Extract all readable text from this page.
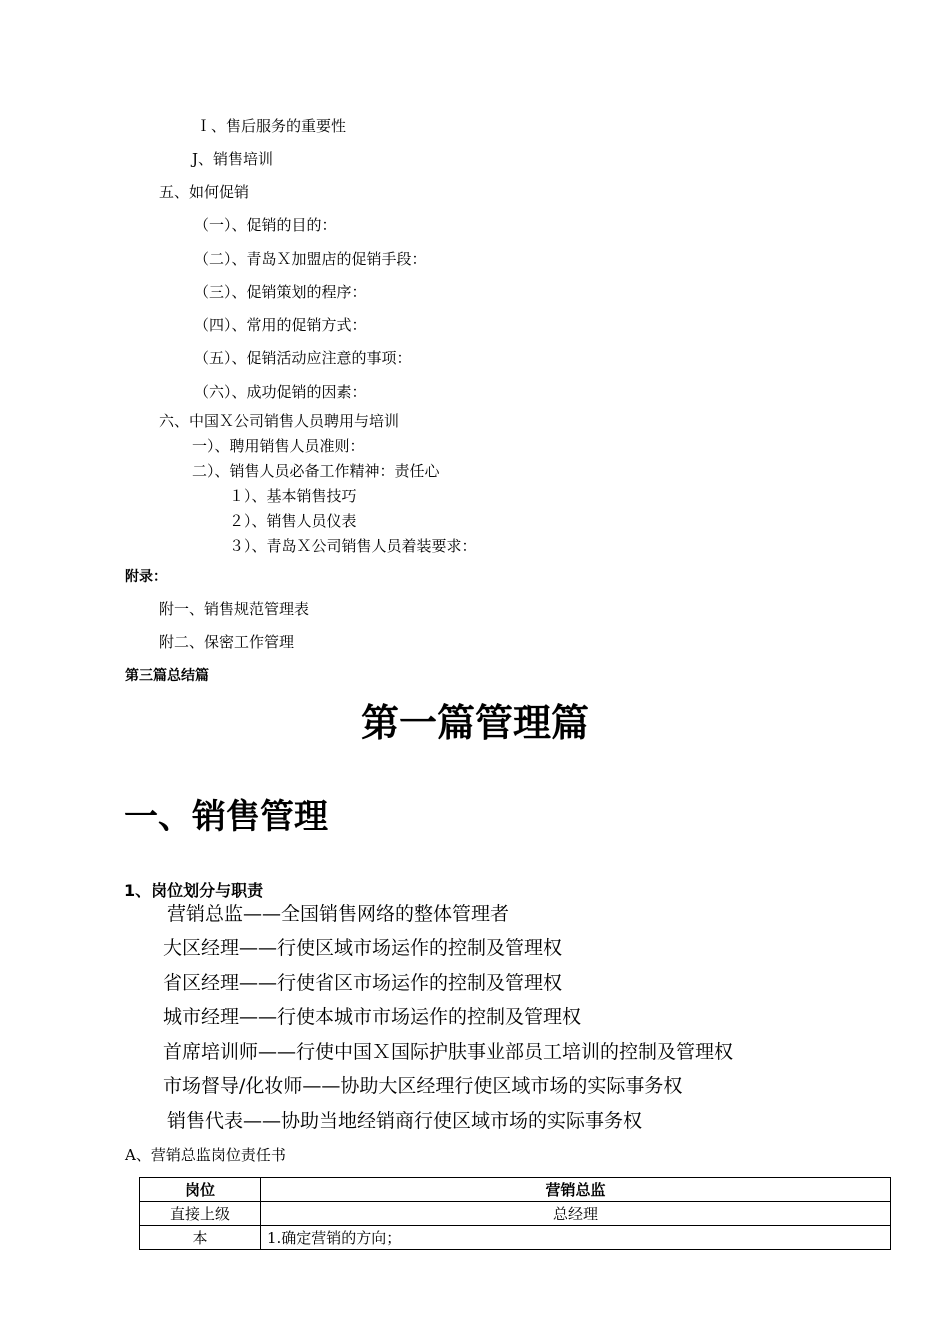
Ｉ、售后服务的重要性
J、销售培训
五、如何促销
（一）、促销的目的：
（二）、青岛Ｘ加盟店的促销手段：
（三）、促销策划的程序：
（四）、常用的促销方式：
（五）、促销活动应注意的事项：
（六）、成功促销的因素：
六、中国Ｘ公司销售人员聘用与培训
一）、聘用销售人员准则：
二）、销售人员必备工作精神：责任心
１）、基本销售技巧
２）、销售人员仪表
３）、青岛Ｘ公司销售人员着装要求：
附录：
附一、销售规范管理表
附二、保密工作管理
第三篇总结篇
第一篇管理篇
一、销售管理
1、岗位划分与职责
营销总监——全国销售网络的整体管理者
大区经理——行使区域市场运作的控制及管理权
省区经理——行使省区市场运作的控制及管理权
城市经理——行使本城市市场运作的控制及管理权
首席培训师——行使中国Ｘ国际护肤事业部员工培训的控制及管理权
市场督导/化妆师——协助大区经理行使区域市场的实际事务权
销售代表——协助当地经销商行使区域市场的实际事务权
A、营销总监岗位责任书
岗位	营销总监
直接上级	总经理
本	1.确定营销的方向；
